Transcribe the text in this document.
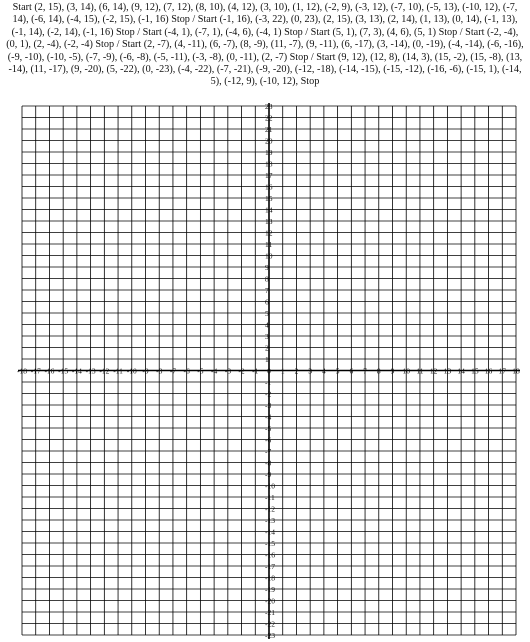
Start (2, 15), (3, 14), (6, 14), (9, 12), (7, 12), (8, 10), (4, 12), (3, 10), (1, 12), (-2, 9), (-3, 12), (-7, 10), (-5, 13), (-10, 12), (-7, 14), (-6, 14), (-4, 15), (-2, 15), (-1, 16) Stop / Start (-1, 16), (-3, 22), (0, 23), (2, 15), (3, 13), (2, 14), (1, 13), (0, 14), (-1, 13), (-1, 14), (-2, 14), (-1, 16) Stop / Start (-4, 1), (-7, 1), (-4, 6), (-4, 1) Stop / Start (5, 1), (7, 3), (4, 6), (5, 1) Stop / Start (-2, -4), (0, 1), (2, -4), (-2, -4) Stop / Start (2, -7), (4, -11), (6, -7), (8, -9), (11, -7), (9, -11), (6, -17), (3, -14), (0, -19), (-4, -14), (-6, -16), (-9, -10), (-10, -5), (-7, -9), (-6, -8), (-5, -11), (-3, -8), (0, -11), (2, -7) Stop / Start (9, 12), (12, 8), (14, 3), (15, -2), (15, -8), (13, -14), (11, -17), (9, -20), (5, -22), (0, -23), (-4, -22), (-7, -21), (-9, -20), (-12, -18), (-14, -15), (-15, -12), (-16, -6), (-15, 1), (-14, 5), (-12, 9), (-10, 12), Stop

-18 -17 -16 -15 -14 -13 -12 -11 -10 -9 -8 -7 -6 -5 -4 -3 -2 -1 0 1 2 3 4 5 6 7 8 9 10 11 12 13 14 15 16 17 18
-23
-22
-21
-20
-19
-18
-17
-16
-15
-14
-13
-12
-11
-10
-9
-8
-7
-6
-5
-4
-3
-2
-1
1
2
3
4
5
6
7
8
9
10
11
12
13
14
15
16
17
18
19
20
21
22
23
